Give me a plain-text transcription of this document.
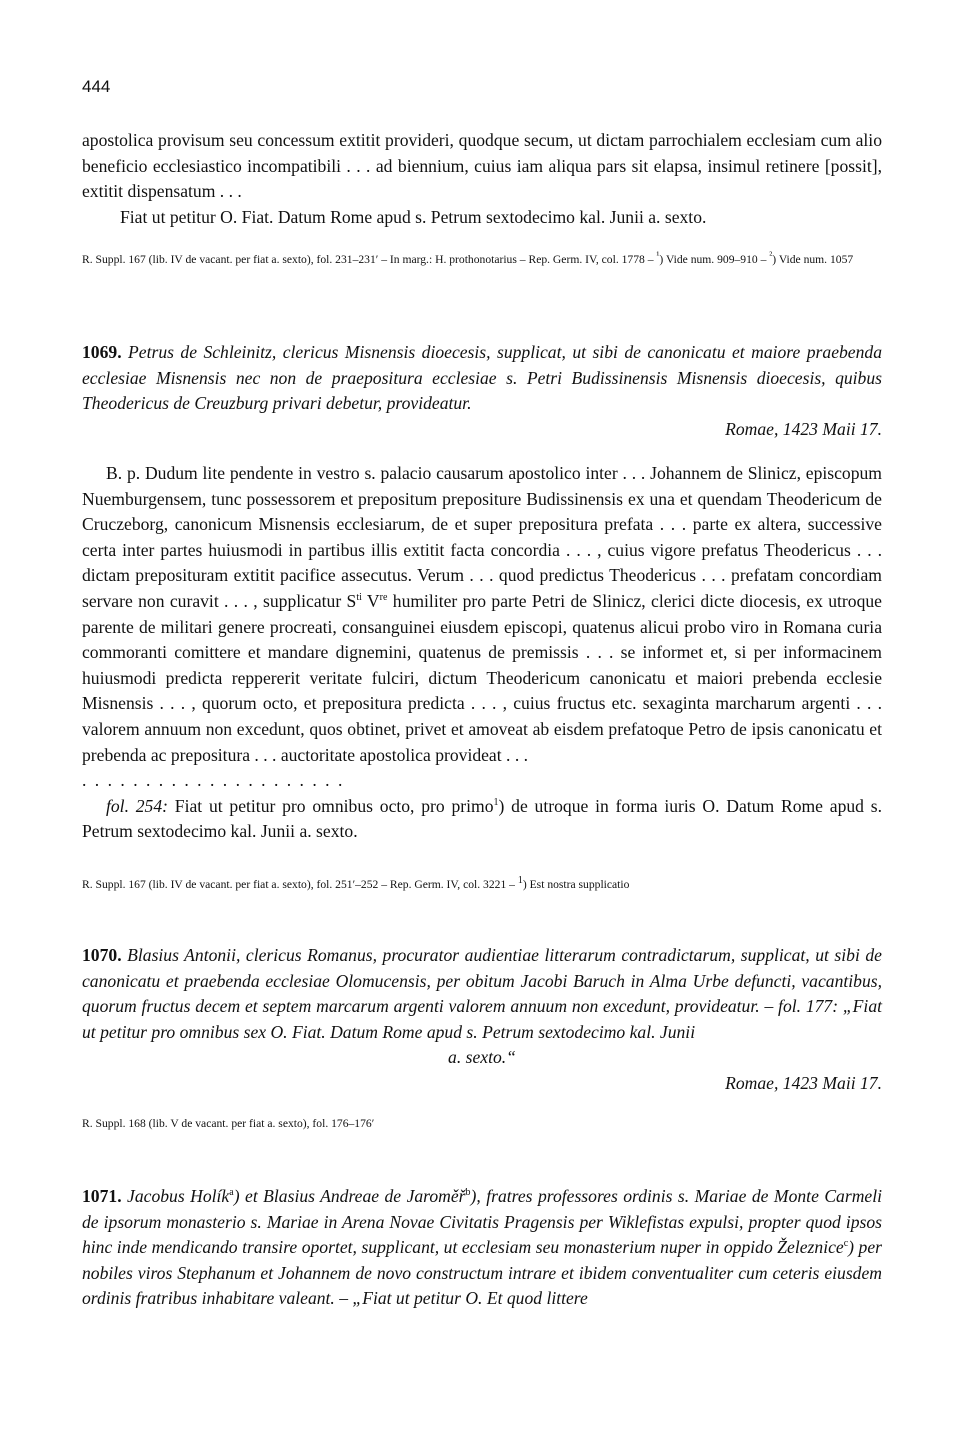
444

apostolica provisum seu concessum extitit provideri, quodque secum, ut dictam parrochialem ecclesiam cum alio beneficio ecclesiastico incompatibili . . . ad biennium, cuius iam aliqua pars sit elapsa, insimul retinere [possit], extitit dispensatum . . .

Fiat ut petitur O. Fiat. Datum Rome apud s. Petrum sextodecimo kal. Junii a. sexto.

R. Suppl. 167 (lib. IV de vacant. per fiat a. sexto), fol. 231–231′ – In marg.: H. prothonotarius – Rep. Germ. IV, col. 1778 – $^{^1}$) Vide num. 909–910 – $^{^2}$) Vide num. 1057

1069. Petrus de Schleinitz, clericus Misnensis dioecesis, supplicat, ut sibi de canonicatu et maiore praebenda ecclesiae Misnensis nec non de praepositura ecclesiae s. Petri Budissinensis Misnensis dioecesis, quibus Theodericus de Creuzburg privari debetur, provideatur.
Romae, 1423 Maii 17.

B. p. Dudum lite pendente in vestro s. palacio causarum apostolico inter . . . Johannem de Slinicz, episcopum Nuemburgensem, tunc possessorem et prepositum prepositure Budissinensis ex una et quendam Theodericum de Cruczeborg, canonicum Misnensis ecclesiarum, de et super prepositura prefata . . . parte ex altera, successive certa inter partes huiusmodi in partibus illis extitit facta concordia . . . , cuius vigore prefatus Theodericus . . . dictam preposituram extitit pacifice assecutus. Verum . . . quod predictus Theodericus . . . prefatam concordiam servare non curavit . . . , supplicatur $S^{ti}$ Vre humiliter pro parte Petri de Slinicz, clerici dicte diocesis, ex utroque parente de militari genere procreati, consanguinei eiusdem episcopi, quatenus alicui probo viro in Romana curia commoranti comittere et mandare dignemini, quatenus de premissis . . . se informet et, si per informacinem huiusmodi predicta reppererit veritate fulciri, dictum Theodericum canonicatu et maiori prebenda ecclesie Misnensis . . . , quorum octo, et prepositura predicta . . . , cuius fructus etc. sexaginta marcharum argenti . . . valorem annuum non excedunt, quos obtinet, privet et amoveat ab eisdem prefatoque Petro de ipsis canonicatu et prebenda ac prepositura . . . auctoritate apostolica provideat . . .

. . . . . . . . . . . . . . . . . . . . .

fol. 254: Fiat ut petitur pro omnibus octo, pro primo$^1$) de utroque in forma iuris O. Datum Rome apud s. Petrum sextodecimo kal. Junii a. sexto.

R. Suppl. 167 (lib. IV de vacant. per fiat a. sexto), fol. 251′–252 – Rep. Germ. IV, col. 3221 – $^1$) Est nostra supplicatio

1070. Blasius Antonii, clericus Romanus, procurator audientiae litterarum contradictarum, supplicat, ut sibi de canonicatu et praebenda ecclesiae Olomucensis, per obitum Jacobi Baruch in Alma Urbe defuncti, vacantibus, quorum fructus decem et septem marcarum argenti valorem annuum non excedunt, provideatur. – fol. 177: „Fiat ut petitur pro omnibus sex O. Fiat. Datum Rome apud s. Petrum sextodecimo kal. Junii
a. sexto.“
Romae, 1423 Maii 17.

R. Suppl. 168 (lib. V de vacant. per fiat a. sexto), fol. 176–176′

1071. Jacobus Holík$^a$) et Blasius Andreae de Jaroměř$^b$), fratres professores ordinis s. Mariae de Monte Carmeli de ipsorum monasterio s. Mariae in Arena Novae Civitatis Pragensis per Wiklefistas expulsi, propter quod ipsos hinc inde mendicando transire oportet, supplicant, ut ecclesiam seu monasterium nuper in oppido Železnice$^c$) per nobiles viros Stephanum et Johannem de novo constructum intrare et ibidem conventualiter cum ceteris eiusdem ordinis fratribus inhabitare valeant. – „Fiat ut petitur O. Et quod littere
